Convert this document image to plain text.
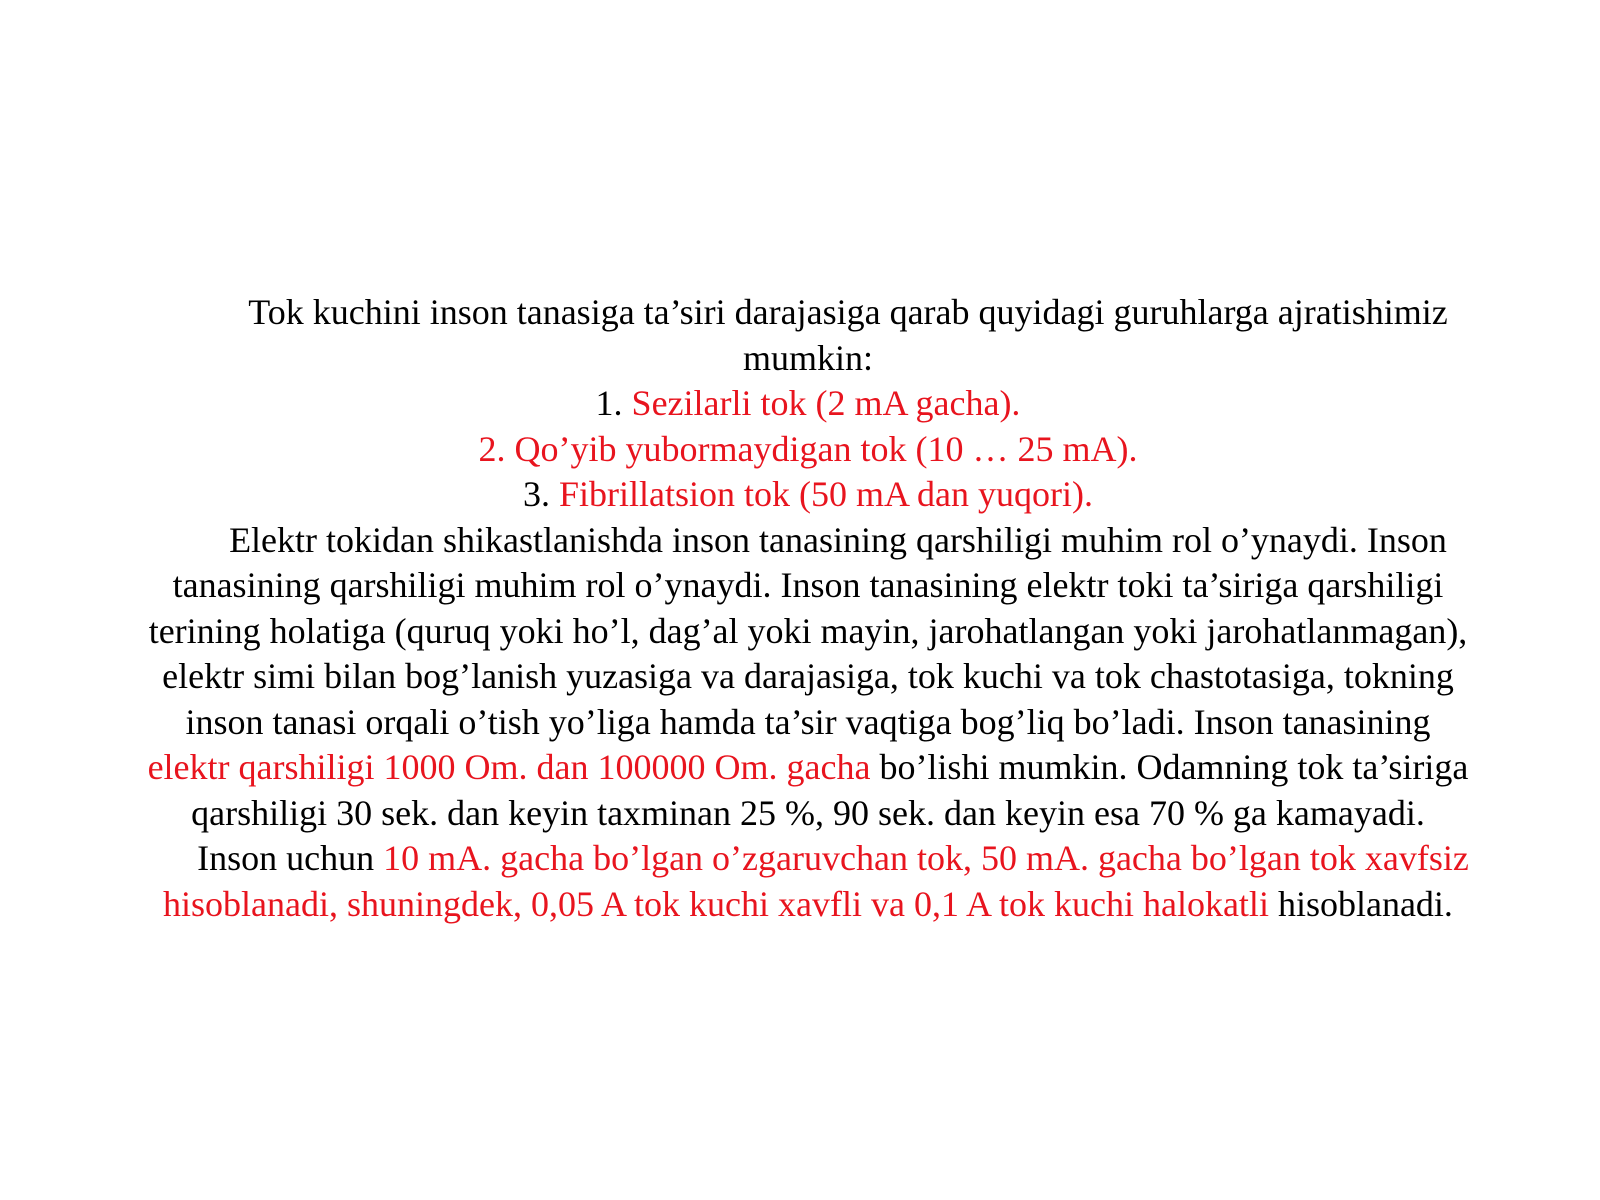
Tok kuchini inson tanasiga ta’siri darajasiga qarab quyidagi guruhlarga ajratishimiz

mumkin:

1. Sezilarli tok (2 mA gacha).

2. Qo’yib yubormaydigan tok (10 … 25 mA).

3. Fibrillatsion tok (50 mA dan yuqori).

Elektr tokidan shikastlanishda inson tanasining qarshiligi muhim rol o’ynaydi. Inson

tanasining qarshiligi muhim rol o’ynaydi. Inson tanasining elektr toki ta’siriga qarshiligi

terining holatiga (quruq yoki ho’l, dag’al yoki mayin, jarohatlangan yoki jarohatlanmagan),

elektr simi bilan bog’lanish yuzasiga va darajasiga, tok kuchi va tok chastotasiga, tokning

inson tanasi orqali o’tish yo’liga hamda ta’sir vaqtiga bog’liq bo’ladi. Inson tanasining

elektr qarshiligi 1000 Om. dan 100000 Om. gacha bo’lishi mumkin. Odamning tok ta’siriga

qarshiligi 30 sek. dan keyin taxminan 25 %, 90 sek. dan keyin esa 70 % ga kamayadi.

Inson uchun 10 mA. gacha bo’lgan o’zgaruvchan tok, 50 mA. gacha bo’lgan tok xavfsiz

hisoblanadi, shuningdek, 0,05 A tok kuchi xavfli va 0,1 A tok kuchi halokatli hisoblanadi.
